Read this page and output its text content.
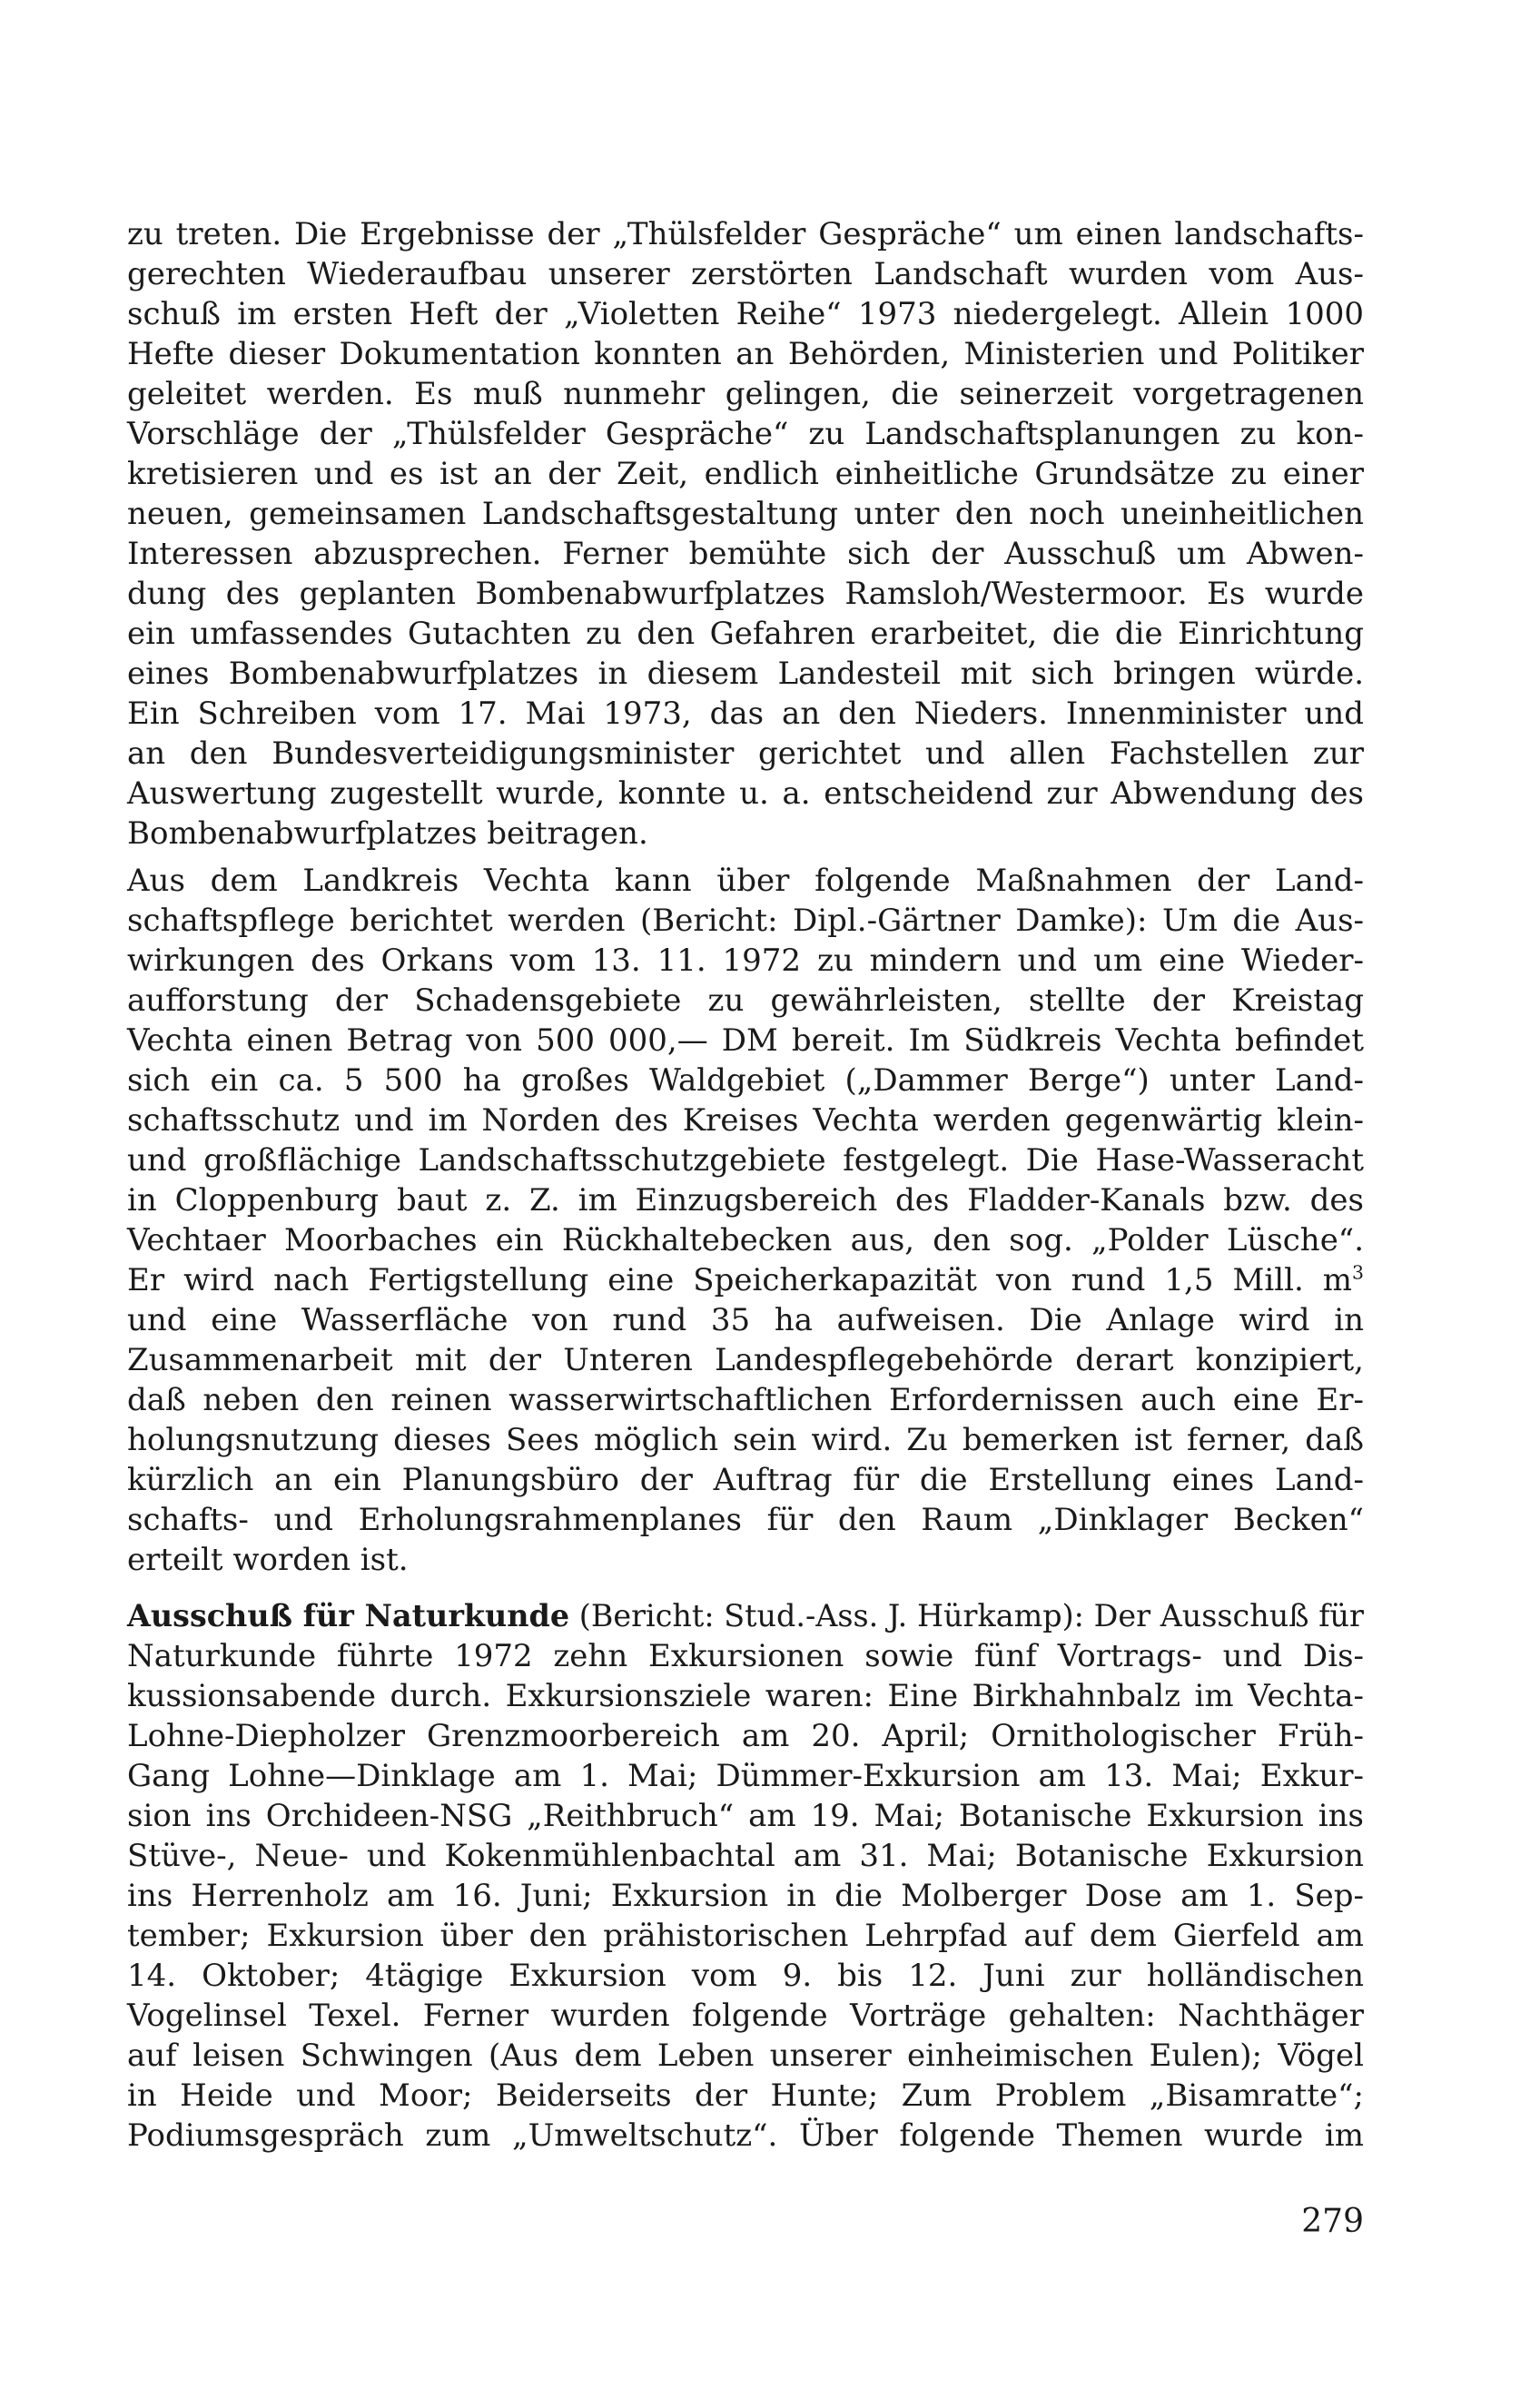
zu treten. Die Ergebnisse der „Thülsfelder Gespräche“ um einen landschafts-
gerechten Wiederaufbau unserer zerstörten Landschaft wurden vom Aus-
schuß im ersten Heft der „Violetten Reihe“ 1973 niedergelegt. Allein 1000
Hefte dieser Dokumentation konnten an Behörden, Ministerien und Politiker
geleitet werden. Es muß nunmehr gelingen, die seinerzeit vorgetragenen
Vorschläge der „Thülsfelder Gespräche“ zu Landschaftsplanungen zu kon-
kretisieren und es ist an der Zeit, endlich einheitliche Grundsätze zu einer
neuen, gemeinsamen Landschaftsgestaltung unter den noch uneinheitlichen
Interessen abzusprechen. Ferner bemühte sich der Ausschuß um Abwen-
dung des geplanten Bombenabwurfplatzes Ramsloh/Westermoor. Es wurde
ein umfassendes Gutachten zu den Gefahren erarbeitet, die die Einrichtung
eines Bombenabwurfplatzes in diesem Landesteil mit sich bringen würde.
Ein Schreiben vom 17. Mai 1973, das an den Nieders. Innenminister und
an den Bundesverteidigungsminister gerichtet und allen Fachstellen zur
Auswertung zugestellt wurde, konnte u. a. entscheidend zur Abwendung des
Bombenabwurfplatzes beitragen.

Aus dem Landkreis Vechta kann über folgende Maßnahmen der Land-
schaftspflege berichtet werden (Bericht: Dipl.-Gärtner Damke): Um die Aus-
wirkungen des Orkans vom 13. 11. 1972 zu mindern und um eine Wieder-
aufforstung der Schadensgebiete zu gewährleisten, stellte der Kreistag
Vechta einen Betrag von 500 000,— DM bereit. Im Südkreis Vechta befindet
sich ein ca. 5 500 ha großes Waldgebiet („Dammer Berge“) unter Land-
schaftsschutz und im Norden des Kreises Vechta werden gegenwärtig klein-
und großflächige Landschaftsschutzgebiete festgelegt. Die Hase-Wasseracht
in Cloppenburg baut z. Z. im Einzugsbereich des Fladder-Kanals bzw. des
Vechtaer Moorbaches ein Rückhaltebecken aus, den sog. „Polder Lüsche“.
Er wird nach Fertigstellung eine Speicherkapazität von rund 1,5 Mill. $m^3$
und eine Wasserfläche von rund 35 ha aufweisen. Die Anlage wird in
Zusammenarbeit mit der Unteren Landespflegebehörde derart konzipiert,
daß neben den reinen wasserwirtschaftlichen Erfordernissen auch eine Er-
holungsnutzung dieses Sees möglich sein wird. Zu bemerken ist ferner, daß
kürzlich an ein Planungsbüro der Auftrag für die Erstellung eines Land-
schafts- und Erholungsrahmenplanes für den Raum „Dinklager Becken“
erteilt worden ist.

Ausschuß für Naturkunde (Bericht: Stud.-Ass. J. Hürkamp): Der Ausschuß für
Naturkunde führte 1972 zehn Exkursionen sowie fünf Vortrags- und Dis-
kussionsabende durch. Exkursionsziele waren: Eine Birkhahnbalz im Vechta-
Lohne-Diepholzer Grenzmoorbereich am 20. April; Ornithologischer Früh-
Gang Lohne—Dinklage am 1. Mai; Dümmer-Exkursion am 13. Mai; Exkur-
sion ins Orchideen-NSG „Reithbruch“ am 19. Mai; Botanische Exkursion ins
Stüve-, Neue- und Kokenmühlenbachtal am 31. Mai; Botanische Exkursion
ins Herrenholz am 16. Juni; Exkursion in die Molberger Dose am 1. Sep-
tember; Exkursion über den prähistorischen Lehrpfad auf dem Gierfeld am
14. Oktober; 4tägige Exkursion vom 9. bis 12. Juni zur holländischen
Vogelinsel Texel. Ferner wurden folgende Vorträge gehalten: Nachthäger
auf leisen Schwingen (Aus dem Leben unserer einheimischen Eulen); Vögel
in Heide und Moor; Beiderseits der Hunte; Zum Problem „Bisamratte“;
Podiumsgespräch zum „Umweltschutz“. Über folgende Themen wurde im

279
